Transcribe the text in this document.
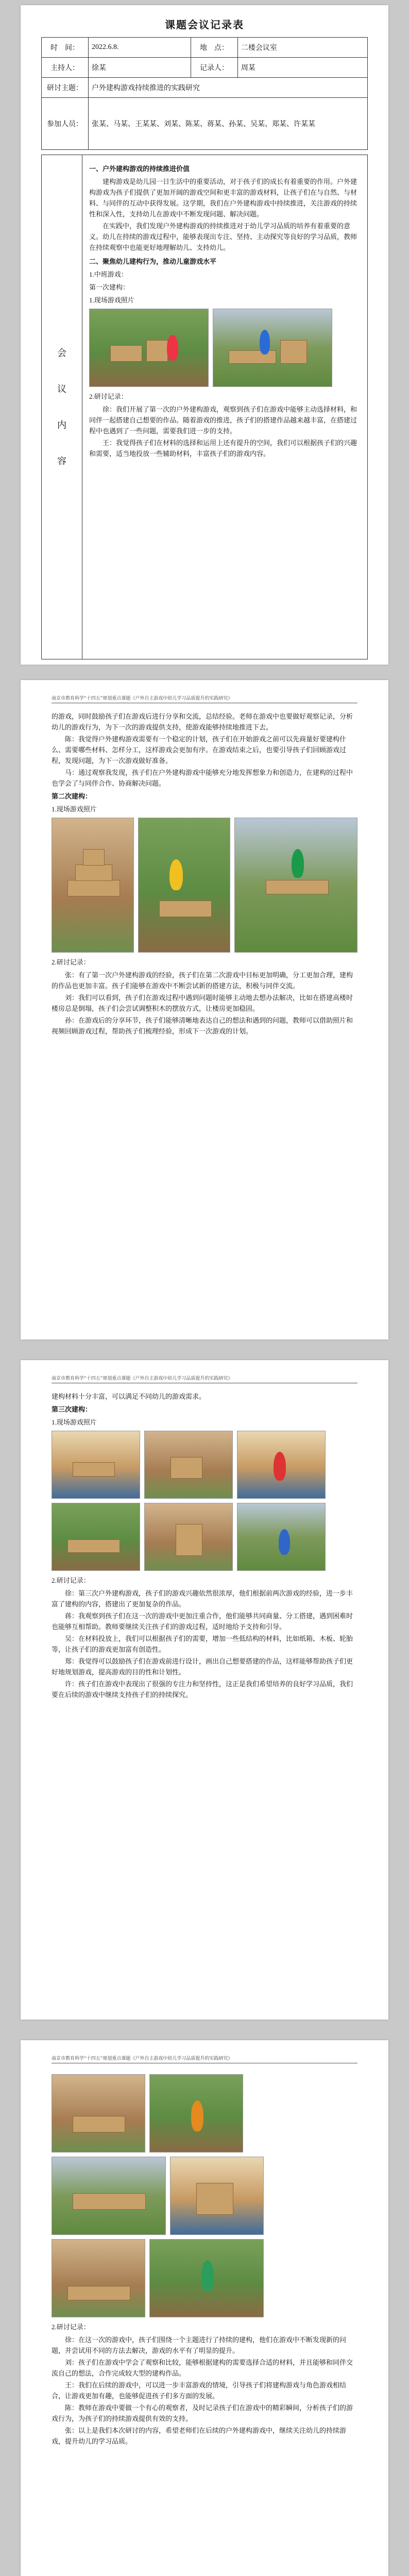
课题会议记录表
时　间：	2022.6.8.	地　点：	二楼会议室
主持人：	徐某	记录人：	周某
研讨主题：	户外建构游戏持续推进的实践研究		
参加人员：	张某、马某、王某某、刘某、陈某、蒋某、孙某、吴某、郑某、许某某		
会
议
内
容

一、户外建构游戏的持续推进价值

建构游戏是幼儿园一日生活中的重要活动，对于孩子们的成长有着重要的作用。户外建构游戏为孩子们提供了更加开阔的游戏空间和更丰富的游戏材料，让孩子们在与自然、与材料、与同伴的互动中获得发展。这学期，我们在户外建构游戏中持续推进，关注游戏的持续性和深入性，支持幼儿在游戏中不断发现问题、解决问题。

在实践中，我们发现户外建构游戏的持续推进对于幼儿学习品质的培养有着重要的意义。幼儿在持续的游戏过程中，能够表现出专注、坚持、主动探究等良好的学习品质，教师在持续观察中也能更好地理解幼儿、支持幼儿。

二、聚焦幼儿建构行为，推动儿童游戏水平

1.中班游戏：

第一次建构：

1.现场游戏照片

2.研讨记录：

徐：我们开展了第一次的户外建构游戏，观察到孩子们在游戏中能够主动选择材料，和同伴一起搭建自己想要的作品。随着游戏的推进，孩子们的搭建作品越来越丰富，在搭建过程中也遇到了一些问题，需要我们进一步的支持。

王：我觉得孩子们在材料的选择和运用上还有提升的空间，我们可以根据孩子们的兴趣和需要，适当地投放一些辅助材料，丰富孩子们的游戏内容。

南京市教育科学“十四五”规划重点课题《户外自主游戏中幼儿学习品质提升的实践研究》

的游戏，同时鼓励孩子们在游戏后进行分享和交流，总结经验。老师在游戏中也要做好观察记录，分析幼儿的游戏行为，为下一次的游戏提供支持，使游戏能够持续地推进下去。

陈：我觉得户外建构游戏需要有一个稳定的计划，孩子们在开始游戏之前可以先商量好要建构什么、需要哪些材料、怎样分工，这样游戏会更加有序。在游戏结束之后，也要引导孩子们回顾游戏过程，发现问题，为下一次游戏做好准备。

马：通过观察我发现，孩子们在户外建构游戏中能够充分地发挥想象力和创造力，在建构的过程中也学会了与同伴合作、协商解决问题。

第二次建构：

1.现场游戏照片

2.研讨记录：

张：有了第一次户外建构游戏的经验，孩子们在第二次游戏中目标更加明确，分工更加合理，建构的作品也更加丰富。孩子们能够在游戏中不断尝试新的搭建方法，积极与同伴交流。

刘：我们可以看到，孩子们在游戏过程中遇到问题时能够主动地去想办法解决，比如在搭建高楼时楼房总是倒塌，孩子们会尝试调整积木的摆放方式，让楼房更加稳固。

孙：在游戏后的分享环节，孩子们能够清晰地表达自己的想法和遇到的问题，教师可以借助照片和视频回顾游戏过程，帮助孩子们梳理经验，形成下一次游戏的计划。

南京市教育科学“十四五”规划重点课题《户外自主游戏中幼儿学习品质提升的实践研究》

建构材料十分丰富，可以满足不同幼儿的游戏需求。

第三次建构：

1.现场游戏照片

2.研讨记录：

徐：第三次户外建构游戏，孩子们的游戏兴趣依然很浓厚，他们根据前两次游戏的经验，进一步丰富了建构的内容，搭建出了更加复杂的作品。

蒋：我观察到孩子们在这一次的游戏中更加注重合作，他们能够共同商量、分工搭建，遇到困难时也能够互相帮助。教师要继续关注孩子们的游戏过程，适时地给予支持和引导。

吴：在材料投放上，我们可以根据孩子们的需要，增加一些低结构的材料，比如纸箱、木板、轮胎等，让孩子们的游戏更加富有创造性。

郑：我觉得可以鼓励孩子们在游戏前进行设计，画出自己想要搭建的作品，这样能够帮助孩子们更好地规划游戏，提高游戏的目的性和计划性。

许：孩子们在游戏中表现出了很强的专注力和坚持性，这正是我们希望培养的良好学习品质，我们要在后续的游戏中继续支持孩子们的持续探究。

南京市教育科学“十四五”规划重点课题《户外自主游戏中幼儿学习品质提升的实践研究》

2.研讨记录：

徐：在这一次的游戏中，孩子们围绕一个主题进行了持续的建构，他们在游戏中不断发现新的问题，并尝试用不同的方法去解决，游戏的水平有了明显的提升。

刘：孩子们在游戏中学会了观察和比较，能够根据建构的需要选择合适的材料，并且能够和同伴交流自己的想法，合作完成较大型的建构作品。

王：我们在后续的游戏中，可以进一步丰富游戏的情境，引导孩子们将建构游戏与角色游戏相结合，让游戏更加有趣，也能够促进孩子们多方面的发展。

陈：教师在游戏中要做一个有心的观察者，及时记录孩子们在游戏中的精彩瞬间，分析孩子们的游戏行为，为孩子们的持续游戏提供有效的支持。

张：以上是我们本次研讨的内容，希望老师们在后续的户外建构游戏中，继续关注幼儿的持续游戏，提升幼儿的学习品质。
